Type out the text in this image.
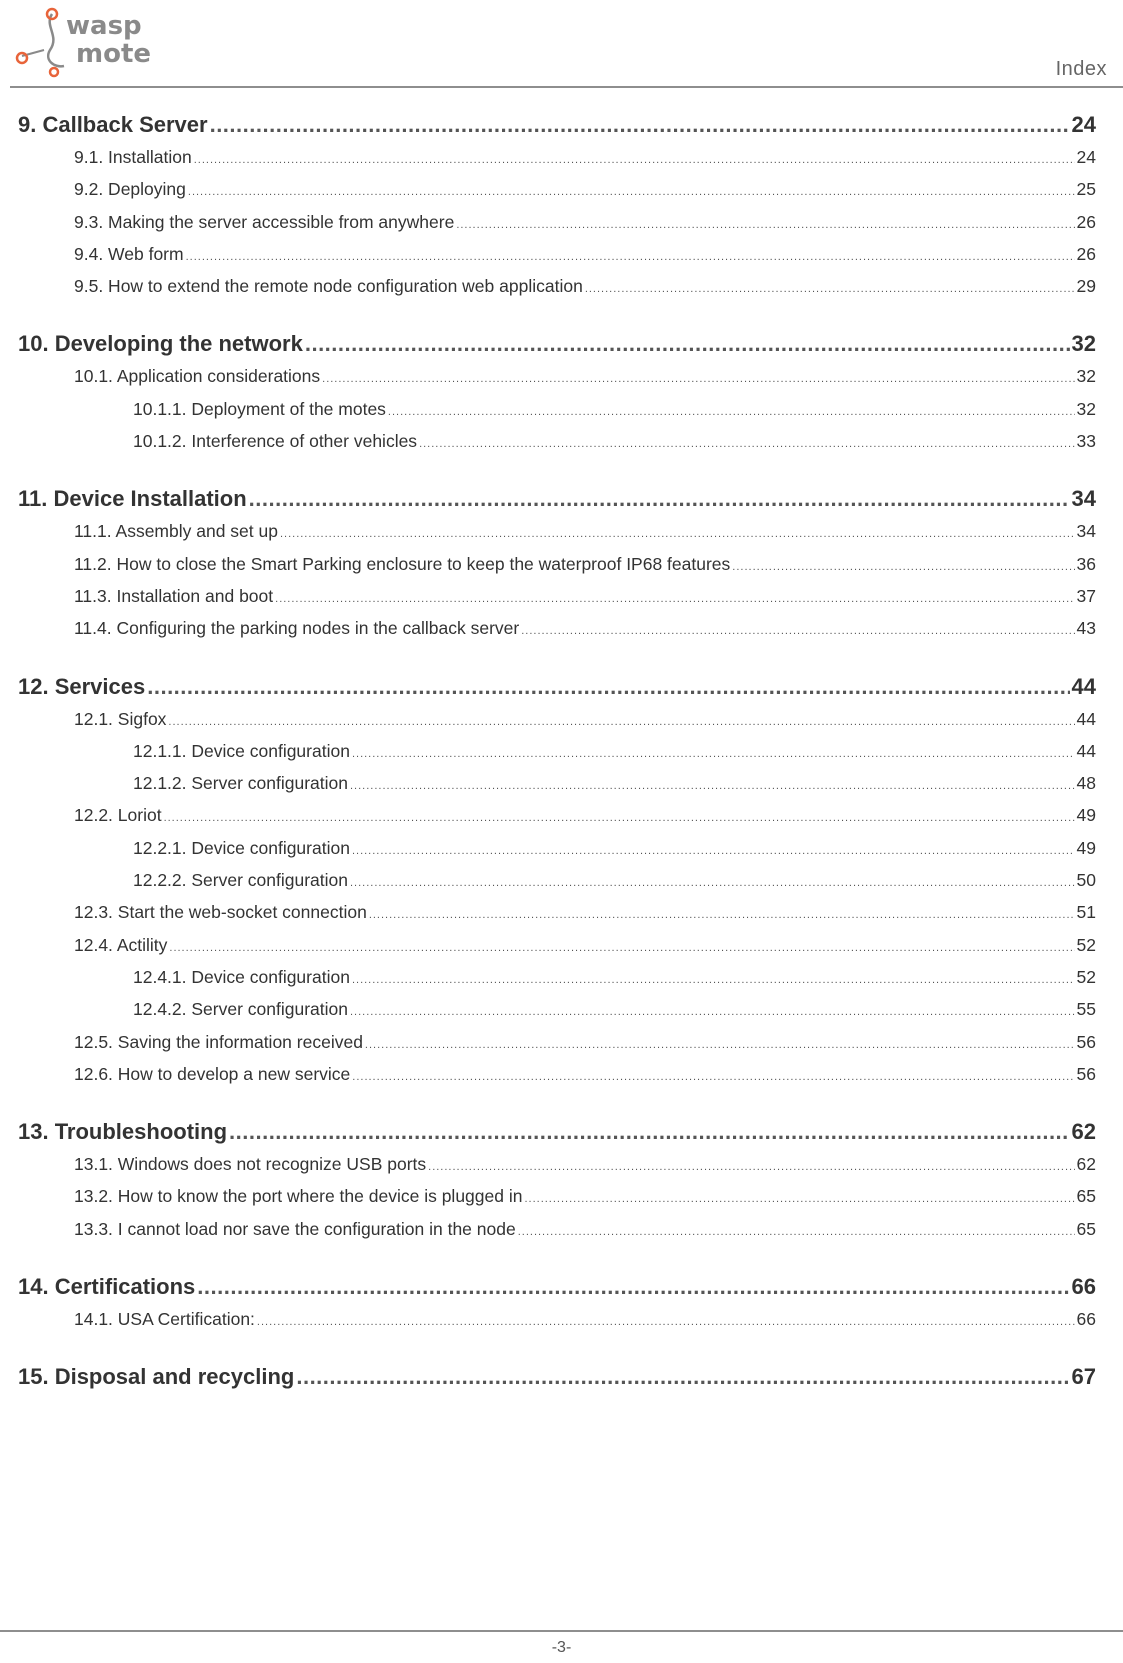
wasp
mote	Index
9. Callback Server .....	24
9.1. Installation .....	24
9.2. Deploying .....	25
9.3. Making the server accessible from anywhere .....	26
9.4. Web form .....	26
9.5. How to extend the remote node conﬁguration web application .....	29
10. Developing the network .....	32
10.1. Application considerations .....	32
10.1.1. Deployment of the motes .....	32
10.1.2. Interference of other vehicles .....	33
11. Device Installation .....	34
11.1. Assembly and set up .....	34
11.2. How to close the Smart Parking enclosure to keep the waterproof IP68 features .....	36
11.3. Installation and boot .....	37
11.4. Conﬁguring the parking nodes in the callback server .....	43
12. Services .....	44
12.1. Sigfox .....	44
12.1.1. Device conﬁguration .....	44
12.1.2. Server conﬁguration .....	48
12.2. Loriot .....	49
12.2.1. Device conﬁguration .....	49
12.2.2. Server conﬁguration .....	50
12.3. Start the web-socket connection .....	51
12.4. Actility .....	52
12.4.1. Device conﬁguration .....	52
12.4.2. Server conﬁguration .....	55
12.5. Saving the information received .....	56
12.6. How to develop a new service .....	56
13. Troubleshooting .....	62
13.1. Windows does not recognize USB ports .....	62
13.2. How to know the port where the device is plugged in .....	65
13.3. I cannot load nor save the conﬁguration in the node .....	65
14. Certiﬁcations .....	66
14.1. USA Certiﬁcation: .....	66
15. Disposal and recycling .....	67
-3-
